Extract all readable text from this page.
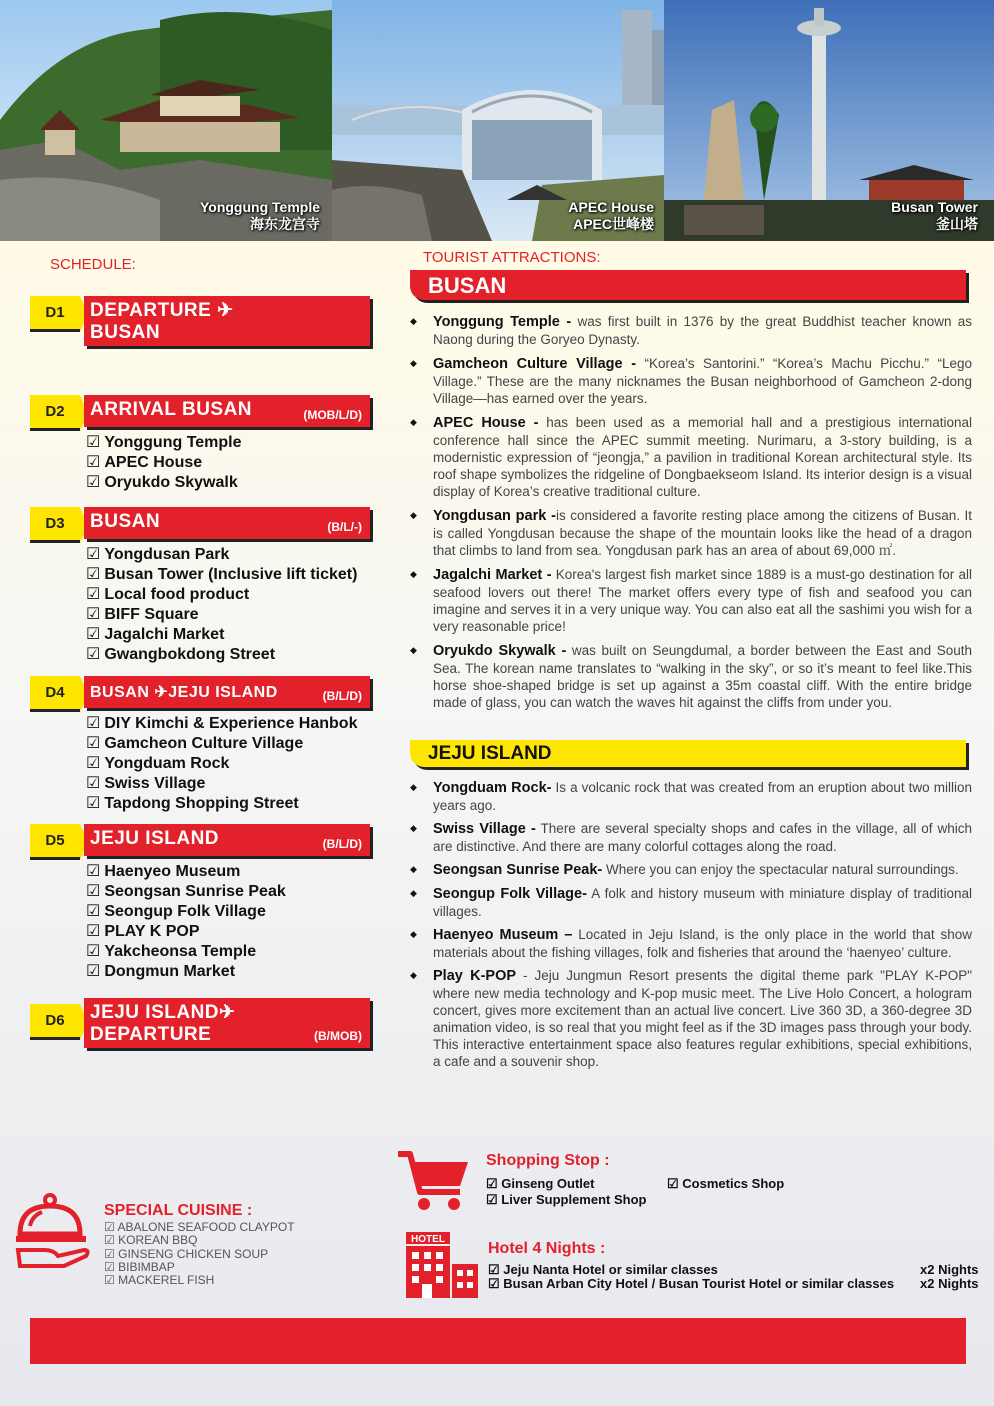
Yonggung Temple
海东龙宫寺
APEC House
APEC世峰楼
Busan Tower
釜山塔
SCHEDULE:
D1	DEPARTURE ✈
BUSAN
D2	ARRIVAL BUSAN	(MOB/L/D)
☑ Yonggung Temple
☑ APEC House
☑ Oryukdo Skywalk
D3	BUSAN	(B/L/-)
☑ Yongdusan Park
☑ Busan Tower (Inclusive lift ticket)
☑ Local food product
☑ BIFF Square
☑ Jagalchi Market
☑ Gwangbokdong Street
D4	BUSAN ✈JEJU ISLAND	(B/L/D)
☑ DIY Kimchi & Experience Hanbok
☑ Gamcheon Culture Village
☑ Yongduam Rock
☑ Swiss Village
☑ Tapdong Shopping Street
D5	JEJU ISLAND	(B/L/D)
☑ Haenyeo Museum
☑ Seongsan Sunrise Peak
☑ Seongup Folk Village
☑ PLAY K POP
☑ Yakcheonsa Temple
☑ Dongmun Market
D6	JEJU ISLAND✈
DEPARTURE	(B/MOB)
TOURIST ATTRACTIONS:
BUSAN
◆ Yonggung Temple - was first built in 1376 by the great Buddhist teacher known as Naong during the Goryeo Dynasty.
◆ Gamcheon Culture Village - “Korea’s Santorini.” “Korea’s Machu Picchu.” “Lego Village.” These are the many nicknames the Busan neighborhood of Gamcheon 2-dong Village—has earned over the years.
◆ APEC House - has been used as a memorial hall and a prestigious international conference hall since the APEC summit meeting. Nurimaru, a 3-story building, is a modernistic expression of “jeongja,” a pavilion in traditional Korean architectural style. Its roof shape symbolizes the ridgeline of Dongbaekseom Island. Its interior design is a visual display of Korea’s creative traditional culture.
◆ Yongdusan park -is considered a favorite resting place among the citizens of Busan. It is called Yongdusan because the shape of the mountain looks like the head of a dragon that climbs to land from sea. Yongdusan park has an area of about 69,000 ㎡.
◆ Jagalchi Market - Korea's largest fish market since 1889 is a must-go destination for all seafood lovers out there! The market offers every type of fish and seafood you can imagine and serves it in a very unique way. You can also eat all the sashimi you wish for a very reasonable price!
◆ Oryukdo Skywalk - was built on Seungdumal, a border between the East and South Sea. The korean name translates to “walking in the sky”, or so it’s meant to feel like.This horse shoe-shaped bridge is set up against a 35m coastal cliff. With the entire bridge made of glass, you can watch the waves hit against the cliffs from under you.
JEJU ISLAND
◆ Yongduam Rock- Is a volcanic rock that was created from an eruption about two million years ago.
◆ Swiss Village - There are several specialty shops and cafes in the village, all of which are distinctive. And there are many colorful cottages along the road.
◆ Seongsan Sunrise Peak- Where you can enjoy the spectacular natural surroundings.
◆ Seongup Folk Village- A folk and history museum with miniature display of traditional villages.
◆ Haenyeo Museum – Located in Jeju Island, is the only place in the world that show materials about the fishing villages, folk and fisheries that around the ‘haenyeo’ culture.
◆ Play K-POP - Jeju Jungmun Resort presents the digital theme park "PLAY K-POP" where new media technology and K-pop music meet. The Live Holo Concert, a hologram concert, gives more excitement than an actual live concert. Live 360 3D, a 360-degree 3D animation video, is so real that you might feel as if the 3D images pass through your body. This interactive entertainment space also features regular exhibitions, special exhibitions, a cafe and a souvenir shop.
SPECIAL CUISINE :
☑ ABALONE SEAFOOD CLAYPOT
☑ KOREAN BBQ
☑ GINSENG CHICKEN SOUP
☑ BIBIMBAP
☑ MACKEREL FISH
Shopping Stop :
☑ Ginseng Outlet
☑ Liver Supplement Shop
☑ Cosmetics Shop
HOTEL
Hotel 4 Nights :
☑ Jeju Nanta Hotel or similar classes	x2 Nights
☑ Busan Arban City Hotel / Busan Tourist Hotel or similar classes x2 Nights
